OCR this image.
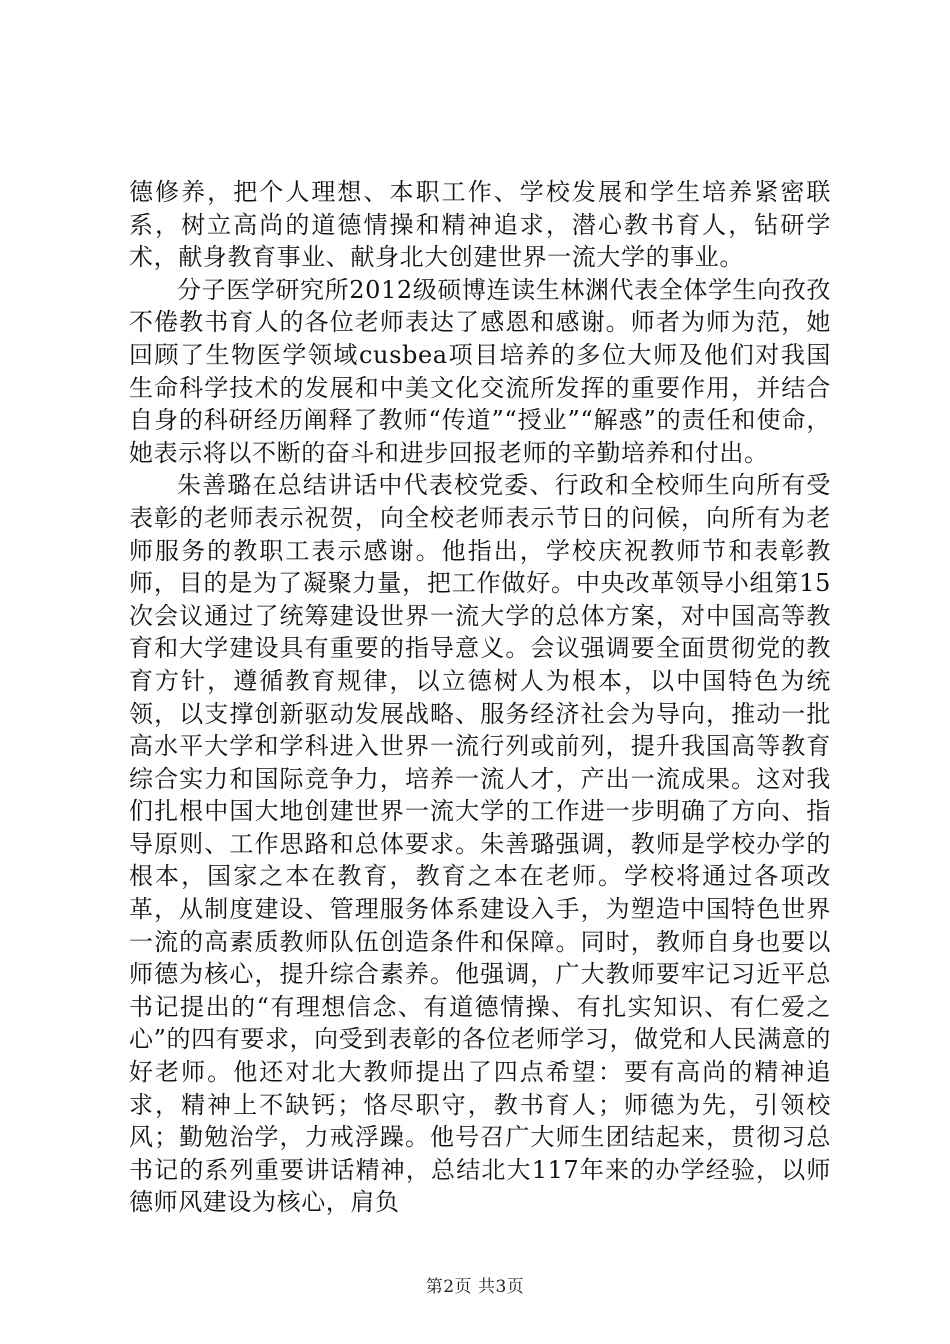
德修养，把个人理想、本职工作、学校发展和学生培养紧密联系，树立高尚的道德情操和精神追求，潜心教书育人，钻研学术，献身教育事业、献身北大创建世界一流大学的事业。

分子医学研究所2012级硕博连读生林渊代表全体学生向孜孜不倦教书育人的各位老师表达了感恩和感谢。师者为师为范，她回顾了生物医学领域cusbea项目培养的多位大师及他们对我国生命科学技术的发展和中美文化交流所发挥的重要作用，并结合自身的科研经历阐释了教师“传道”“授业”“解惑”的责任和使命，她表示将以不断的奋斗和进步回报老师的辛勤培养和付出。

朱善璐在总结讲话中代表校党委、行政和全校师生向所有受表彰的老师表示祝贺，向全校老师表示节日的问候，向所有为老师服务的教职工表示感谢。他指出，学校庆祝教师节和表彰教师，目的是为了凝聚力量，把工作做好。中央改革领导小组第15次会议通过了统筹建设世界一流大学的总体方案，对中国高等教育和大学建设具有重要的指导意义。会议强调要全面贯彻党的教育方针，遵循教育规律，以立德树人为根本，以中国特色为统领，以支撑创新驱动发展战略、服务经济社会为导向，推动一批高水平大学和学科进入世界一流行列或前列，提升我国高等教育综合实力和国际竞争力，培养一流人才，产出一流成果。这对我们扎根中国大地创建世界一流大学的工作进一步明确了方向、指导原则、工作思路和总体要求。朱善璐强调，教师是学校办学的根本，国家之本在教育，教育之本在老师。学校将通过各项改革，从制度建设、管理服务体系建设入手，为塑造中国特色世界一流的高素质教师队伍创造条件和保障。同时，教师自身也要以师德为核心，提升综合素养。他强调，广大教师要牢记习近平总书记提出的“有理想信念、有道德情操、有扎实知识、有仁爱之心”的四有要求，向受到表彰的各位老师学习，做党和人民满意的好老师。他还对北大教师提出了四点希望：要有高尚的精神追求，精神上不缺钙；恪尽职守，教书育人；师德为先，引领校风；勤勉治学，力戒浮躁。他号召广大师生团结起来，贯彻习总书记的系列重要讲话精神，总结北大117年来的办学经验，以师德师风建设为核心，肩负

第2页 共3页
